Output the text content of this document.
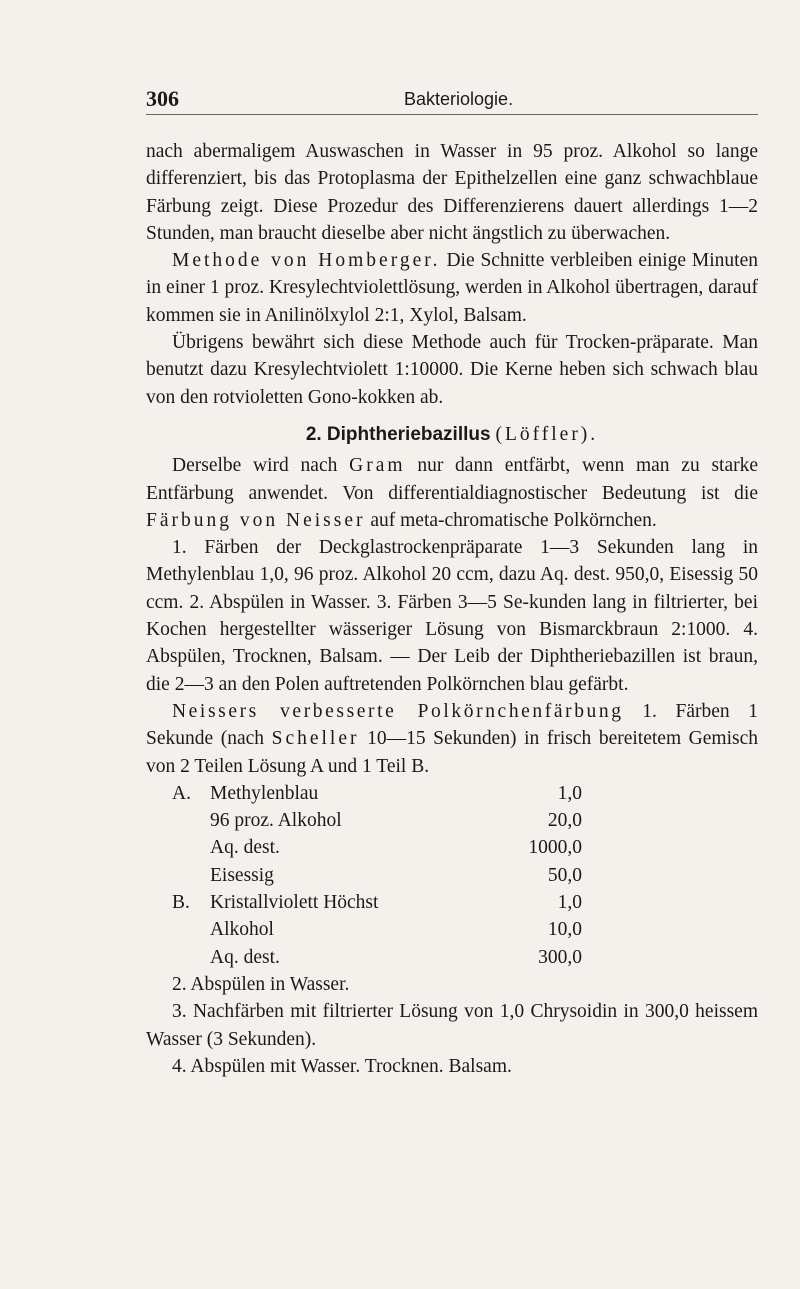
306	Bakteriologie.

nach abermaligem Auswaschen in Wasser in 95 proz. Alkohol so lange differenziert, bis das Protoplasma der Epithelzellen eine ganz schwachblaue Färbung zeigt. Diese Prozedur des Differenzierens dauert allerdings 1—2 Stunden, man braucht dieselbe aber nicht ängstlich zu überwachen.

Methode von Homberger. Die Schnitte verbleiben einige Minuten in einer 1 proz. Kresylechtviolettlösung, werden in Alkohol übertragen, darauf kommen sie in Anilinölxylol 2:1, Xylol, Balsam.

Übrigens bewährt sich diese Methode auch für Trocken-präparate. Man benutzt dazu Kresylechtviolett 1:10000. Die Kerne heben sich schwach blau von den rotvioletten Gono-kokken ab.

2. Diphtheriebazillus (Löffler).

Derselbe wird nach Gram nur dann entfärbt, wenn man zu starke Entfärbung anwendet. Von differentialdiagnostischer Bedeutung ist die Färbung von Neisser auf meta-chromatische Polkörnchen.

1. Färben der Deckglastrockenpräparate 1—3 Sekunden lang in Methylenblau 1,0, 96 proz. Alkohol 20 ccm, dazu Aq. dest. 950,0, Eisessig 50 ccm. 2. Abspülen in Wasser. 3. Färben 3—5 Se-kunden lang in filtrierter, bei Kochen hergestellter wässeriger Lösung von Bismarckbraun 2:1000. 4. Abspülen, Trocknen, Balsam. — Der Leib der Diphtheriebazillen ist braun, die 2—3 an den Polen auftretenden Polkörnchen blau gefärbt.

Neissers verbesserte Polkörnchenfärbung 1. Färben 1 Sekunde (nach Scheller 10—15 Sekunden) in frisch bereitetem Gemisch von 2 Teilen Lösung A und 1 Teil B.

A.	Methylenblau	1,0
	96 proz. Alkohol	20,0
	Aq. dest.	1000,0
	Eisessig	50,0
B.	Kristallviolett Höchst	1,0
	Alkohol	10,0
	Aq. dest.	300,0

2. Abspülen in Wasser.

3. Nachfärben mit filtrierter Lösung von 1,0 Chrysoidin in 300,0 heissem Wasser (3 Sekunden).

4. Abspülen mit Wasser. Trocknen. Balsam.
